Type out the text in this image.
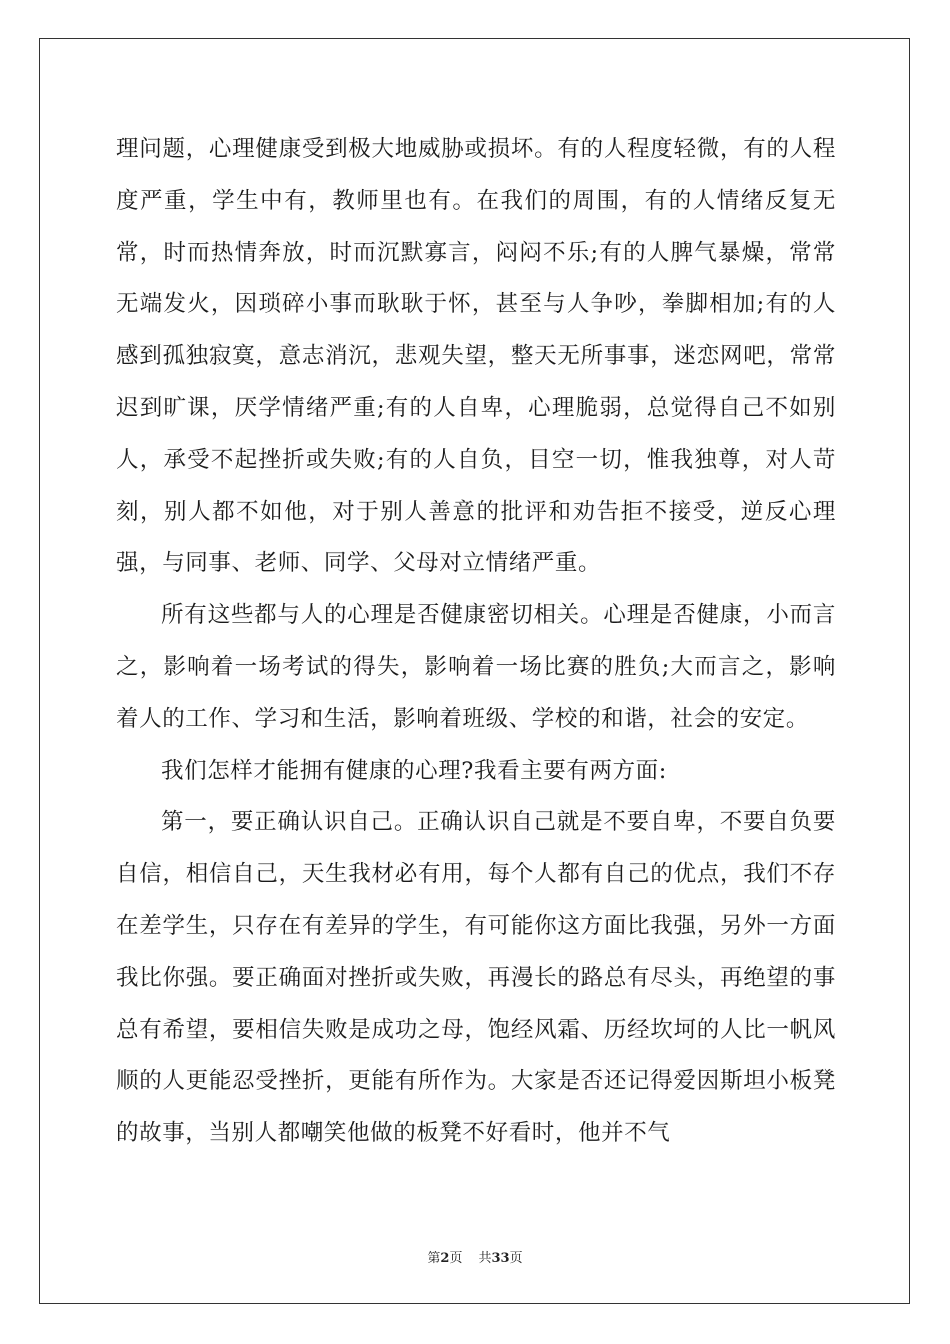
理问题，心理健康受到极大地威胁或损坏。有的人程度轻微，有的人程度严重，学生中有，教师里也有。在我们的周围，有的人情绪反复无常，时而热情奔放，时而沉默寡言，闷闷不乐;有的人脾气暴燥，常常无端发火，因琐碎小事而耿耿于怀，甚至与人争吵，拳脚相加;有的人感到孤独寂寞，意志消沉，悲观失望，整天无所事事，迷恋网吧，常常迟到旷课，厌学情绪严重;有的人自卑，心理脆弱，总觉得自己不如别人，承受不起挫折或失败;有的人自负，目空一切，惟我独尊，对人苛刻，别人都不如他，对于别人善意的批评和劝告拒不接受，逆反心理强，与同事、老师、同学、父母对立情绪严重。

所有这些都与人的心理是否健康密切相关。心理是否健康，小而言之，影响着一场考试的得失，影响着一场比赛的胜负;大而言之，影响着人的工作、学习和生活，影响着班级、学校的和谐，社会的安定。

我们怎样才能拥有健康的心理?我看主要有两方面:

第一，要正确认识自己。正确认识自己就是不要自卑，不要自负要自信，相信自己，天生我材必有用，每个人都有自己的优点，我们不存在差学生，只存在有差异的学生，有可能你这方面比我强，另外一方面我比你强。要正确面对挫折或失败，再漫长的路总有尽头，再绝望的事总有希望，要相信失败是成功之母，饱经风霜、历经坎坷的人比一帆风顺的人更能忍受挫折，更能有所作为。大家是否还记得爱因斯坦小板凳的故事，当别人都嘲笑他做的板凳不好看时，他并不气

第2页 共33页
